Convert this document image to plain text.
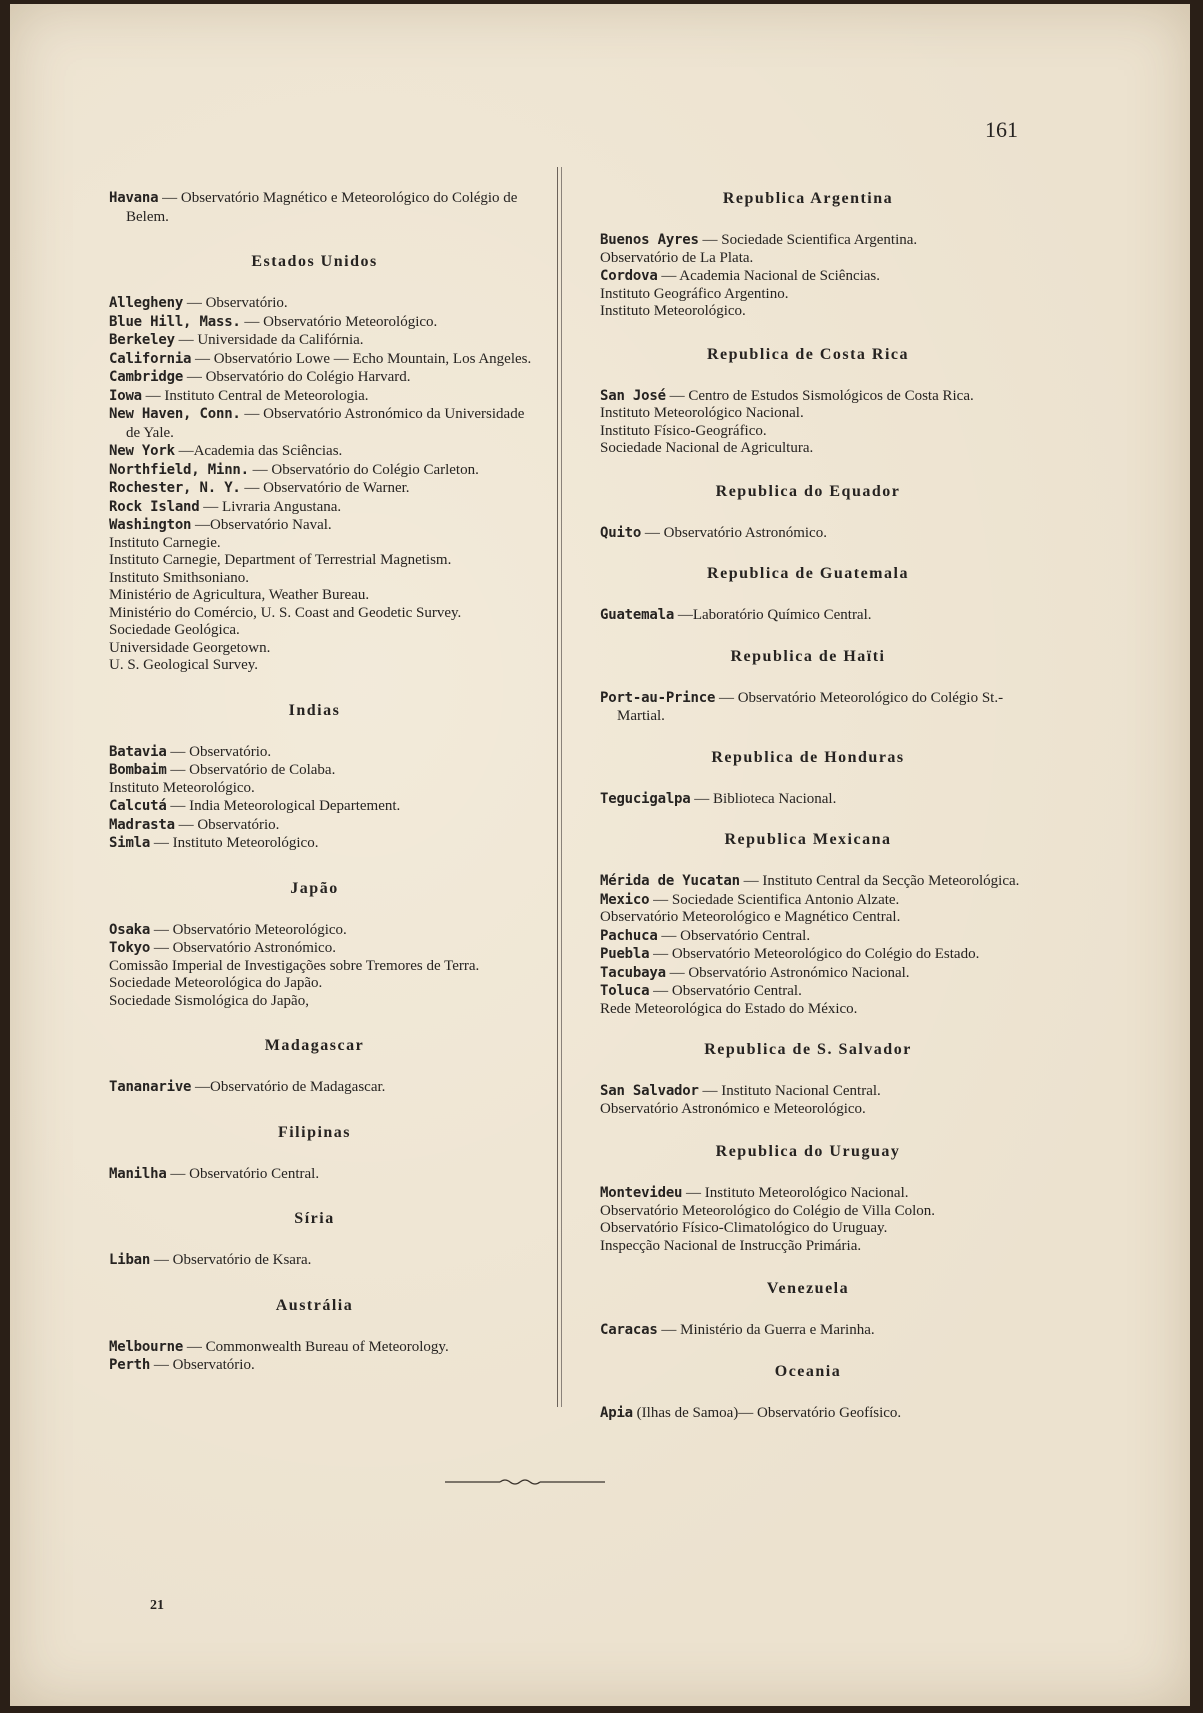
161
Havana — Observatório Magnético e Meteorológico do Colégio de Belem.
Estados Unidos
Allegheny — Observatório.
Blue Hill, Mass. — Observatório Meteorológico.
Berkeley — Universidade da Califórnia.
California — Observatório Lowe — Echo Mountain, Los Angeles.
Cambridge — Observatório do Colégio Harvard.
Iowa — Instituto Central de Meteorologia.
New Haven, Conn. — Observatório Astronómico da Universidade de Yale.
New York —Academia das Sciências.
Northfield, Minn. — Observatório do Colégio Carleton.
Rochester, N. Y. — Observatório de Warner.
Rock Island — Livraria Angustana.
Washington —Observatório Naval.
Instituto Carnegie.
Instituto Carnegie, Department of Terrestrial Magnetism.
Instituto Smithsoniano.
Ministério de Agricultura, Weather Bureau.
Ministério do Comércio, U. S. Coast and Geodetic Survey.
Sociedade Geológica.
Universidade Georgetown.
U. S. Geological Survey.
Indias
Batavia — Observatório.
Bombaim — Observatório de Colaba.
Instituto Meteorológico.
Calcutá — India Meteorological Departement.
Madrasta — Observatório.
Simla — Instituto Meteorológico.
Japão
Osaka — Observatório Meteorológico.
Tokyo — Observatório Astronómico.
Comissão Imperial de Investigações sobre Tremores de Terra.
Sociedade Meteorológica do Japão.
Sociedade Sismológica do Japão,
Madagascar
Tananarive —Observatório de Madagascar.
Filipinas
Manilha — Observatório Central.
Síria
Liban — Observatório de Ksara.
Austrália
Melbourne — Commonwealth Bureau of Meteorology.
Perth — Observatório.
Republica Argentina
Buenos Ayres — Sociedade Scientifica Argentina.
Observatório de La Plata.
Cordova — Academia Nacional de Sciências.
Instituto Geográfico Argentino.
Instituto Meteorológico.
Republica de Costa Rica
San José — Centro de Estudos Sismológicos de Costa Rica.
Instituto Meteorológico Nacional.
Instituto Físico-Geográfico.
Sociedade Nacional de Agricultura.
Republica do Equador
Quito — Observatório Astronómico.
Republica de Guatemala
Guatemala —Laboratório Químico Central.
Republica de Haïti
Port-au-Prince — Observatório Meteorológico do Colégio St.-Martial.
Republica de Honduras
Tegucigalpa — Biblioteca Nacional.
Republica Mexicana
Mérida de Yucatan — Instituto Central da Secção Meteorológica.
Mexico — Sociedade Scientifica Antonio Alzate.
Observatório Meteorológico e Magnético Central.
Pachuca — Observatório Central.
Puebla — Observatório Meteorológico do Colégio do Estado.
Tacubaya — Observatório Astronómico Nacional.
Toluca — Observatório Central.
Rede Meteorológica do Estado do México.
Republica de S. Salvador
San Salvador — Instituto Nacional Central.
Observatório Astronómico e Meteorológico.
Republica do Uruguay
Montevideu — Instituto Meteorológico Nacional.
Observatório Meteorológico do Colégio de Villa Colon.
Observatório Físico-Climatológico do Uruguay.
Inspecção Nacional de Instrucção Primária.
Venezuela
Caracas — Ministério da Guerra e Marinha.
Oceania
Apia (Ilhas de Samoa)— Observatório Geofísico.
21
